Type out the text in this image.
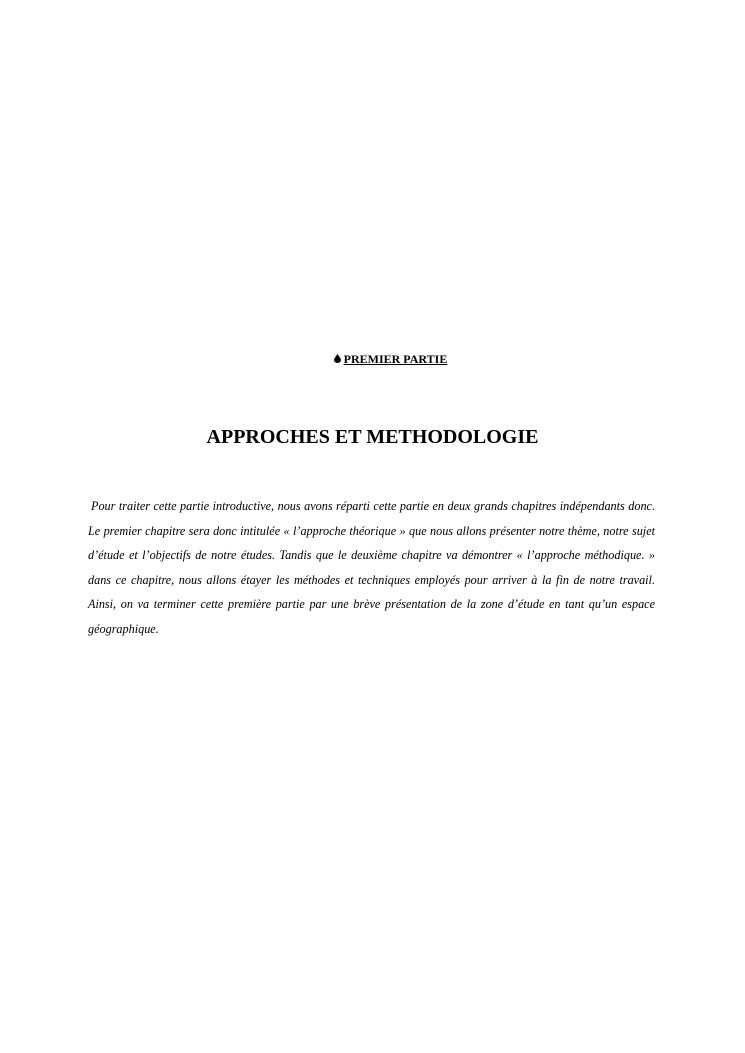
PREMIER PARTIE
APPROCHES ET METHODOLOGIE

Pour traiter cette partie introductive, nous avons réparti cette partie en deux grands chapitres indépendants donc. Le premier chapitre sera donc intitulée « l’approche théorique » que nous allons présenter notre thème, notre sujet d’étude et l’objectifs de notre études. Tandis que le deuxième chapitre va démontrer « l’approche méthodique. » dans ce chapitre, nous allons étayer les méthodes et techniques employés pour arriver à la fin de notre travail. Ainsi, on va terminer cette première partie par une brève présentation de la zone d’étude en tant qu’un espace géographique.
